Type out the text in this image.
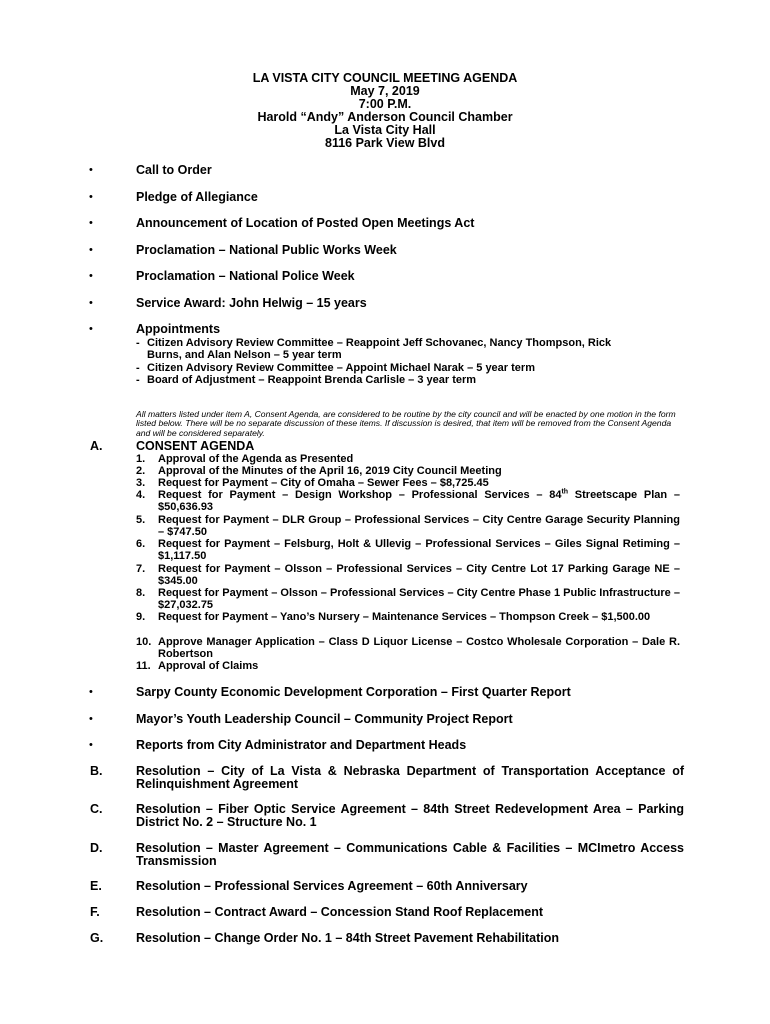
LA VISTA CITY COUNCIL MEETING AGENDA
May 7, 2019
7:00 P.M.
Harold “Andy” Anderson Council Chamber
La Vista City Hall
8116 Park View Blvd
•	Call to Order
•	Pledge of Allegiance
•	Announcement of Location of Posted Open Meetings Act
•	Proclamation – National Public Works Week
•	Proclamation – National Police Week
•	Service Award: John Helwig – 15 years
•	Appointments
- Citizen Advisory Review Committee – Reappoint Jeff Schovanec, Nancy Thompson, Rick
Burns, and Alan Nelson – 5 year term
- Citizen Advisory Review Committee – Appoint Michael Narak – 5 year term
- Board of Adjustment – Reappoint Brenda Carlisle – 3 year term
All matters listed under item A, Consent Agenda, are considered to be routine by the city council and will be enacted by one motion in the form listed below. There will be no separate discussion of these items. If discussion is desired, that item will be removed from the Consent Agenda and will be considered separately.
A.	CONSENT AGENDA
1. Approval of the Agenda as Presented
2. Approval of the Minutes of the April 16, 2019 City Council Meeting
3. Request for Payment – City of Omaha – Sewer Fees – $8,725.45
4. Request for Payment – Design Workshop – Professional Services – 84th Streetscape Plan – $50,636.93
5. Request for Payment – DLR Group – Professional Services – City Centre Garage Security Planning – $747.50
6. Request for Payment – Felsburg, Holt & Ullevig – Professional Services – Giles Signal Retiming – $1,117.50
7. Request for Payment – Olsson – Professional Services – City Centre Lot 17 Parking Garage NE – $345.00
8. Request for Payment – Olsson – Professional Services – City Centre Phase 1 Public Infrastructure – $27,032.75
9. Request for Payment – Yano’s Nursery – Maintenance Services – Thompson Creek – $1,500.00
10. Approve Manager Application – Class D Liquor License – Costco Wholesale Corporation – Dale R. Robertson
11. Approval of Claims
•	Sarpy County Economic Development Corporation – First Quarter Report
•	Mayor’s Youth Leadership Council – Community Project Report
•	Reports from City Administrator and Department Heads
B.	Resolution – City of La Vista & Nebraska Department of Transportation Acceptance of Relinquishment Agreement
C.	Resolution – Fiber Optic Service Agreement – 84th Street Redevelopment Area – Parking District No. 2 – Structure No. 1
D.	Resolution – Master Agreement – Communications Cable & Facilities – MCImetro Access Transmission
E.	Resolution – Professional Services Agreement – 60th Anniversary
F.	Resolution – Contract Award – Concession Stand Roof Replacement
G.	Resolution – Change Order No. 1 – 84th Street Pavement Rehabilitation
